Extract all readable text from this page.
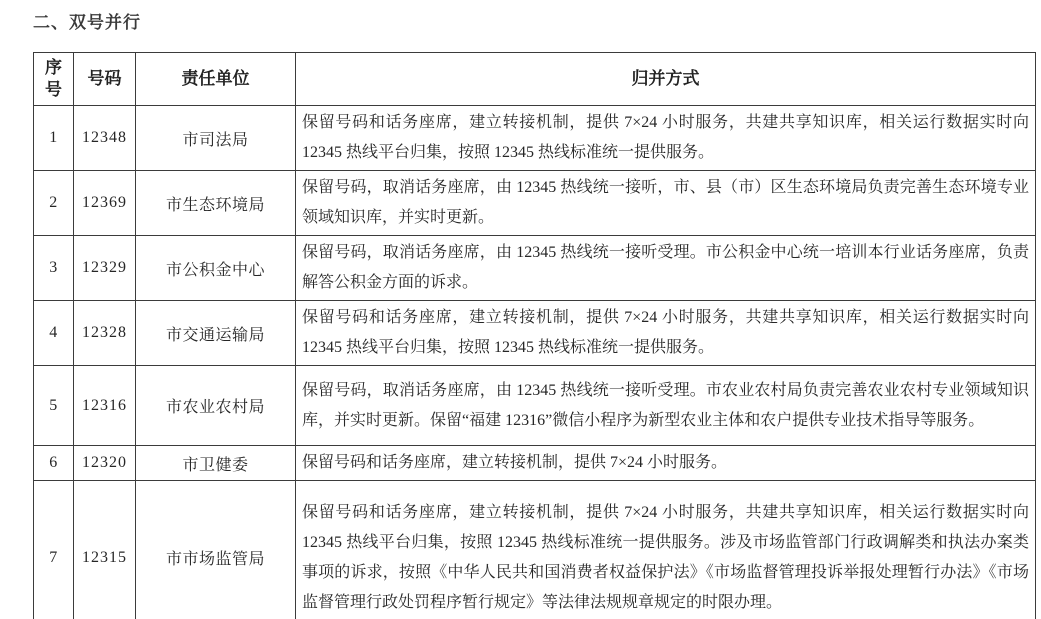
二、双号并行
序号	号码	责任单位	归并方式
1	12348	市司法局	保留号码和话务座席，建立转接机制，提供 7×24 小时服务，共建共享知识库，相关运行数据实时向 12345 热线平台归集，按照 12345 热线标准统一提供服务。
2	12369	市生态环境局	保留号码，取消话务座席，由 12345 热线统一接听，市、县（市）区生态环境局负责完善生态环境专业领域知识库，并实时更新。
3	12329	市公积金中心	保留号码，取消话务座席，由 12345 热线统一接听受理。市公积金中心统一培训本行业话务座席，负责解答公积金方面的诉求。
4	12328	市交通运输局	保留号码和话务座席，建立转接机制，提供 7×24 小时服务，共建共享知识库，相关运行数据实时向 12345 热线平台归集，按照 12345 热线标准统一提供服务。
5	12316	市农业农村局	保留号码，取消话务座席，由 12345 热线统一接听受理。市农业农村局负责完善农业农村专业领域知识库，并实时更新。保留“福建 12316”微信小程序为新型农业主体和农户提供专业技术指导等服务。
6	12320	市卫健委	保留号码和话务座席，建立转接机制，提供 7×24 小时服务。
7	12315	市市场监管局	保留号码和话务座席，建立转接机制，提供 7×24 小时服务，共建共享知识库，相关运行数据实时向 12345 热线平台归集，按照 12345 热线标准统一提供服务。涉及市场监管部门行政调解类和执法办案类事项的诉求，按照《中华人民共和国消费者权益保护法》《市场监督管理投诉举报处理暂行办法》《市场监督管理行政处罚程序暂行规定》等法律法规规章规定的时限办理。
